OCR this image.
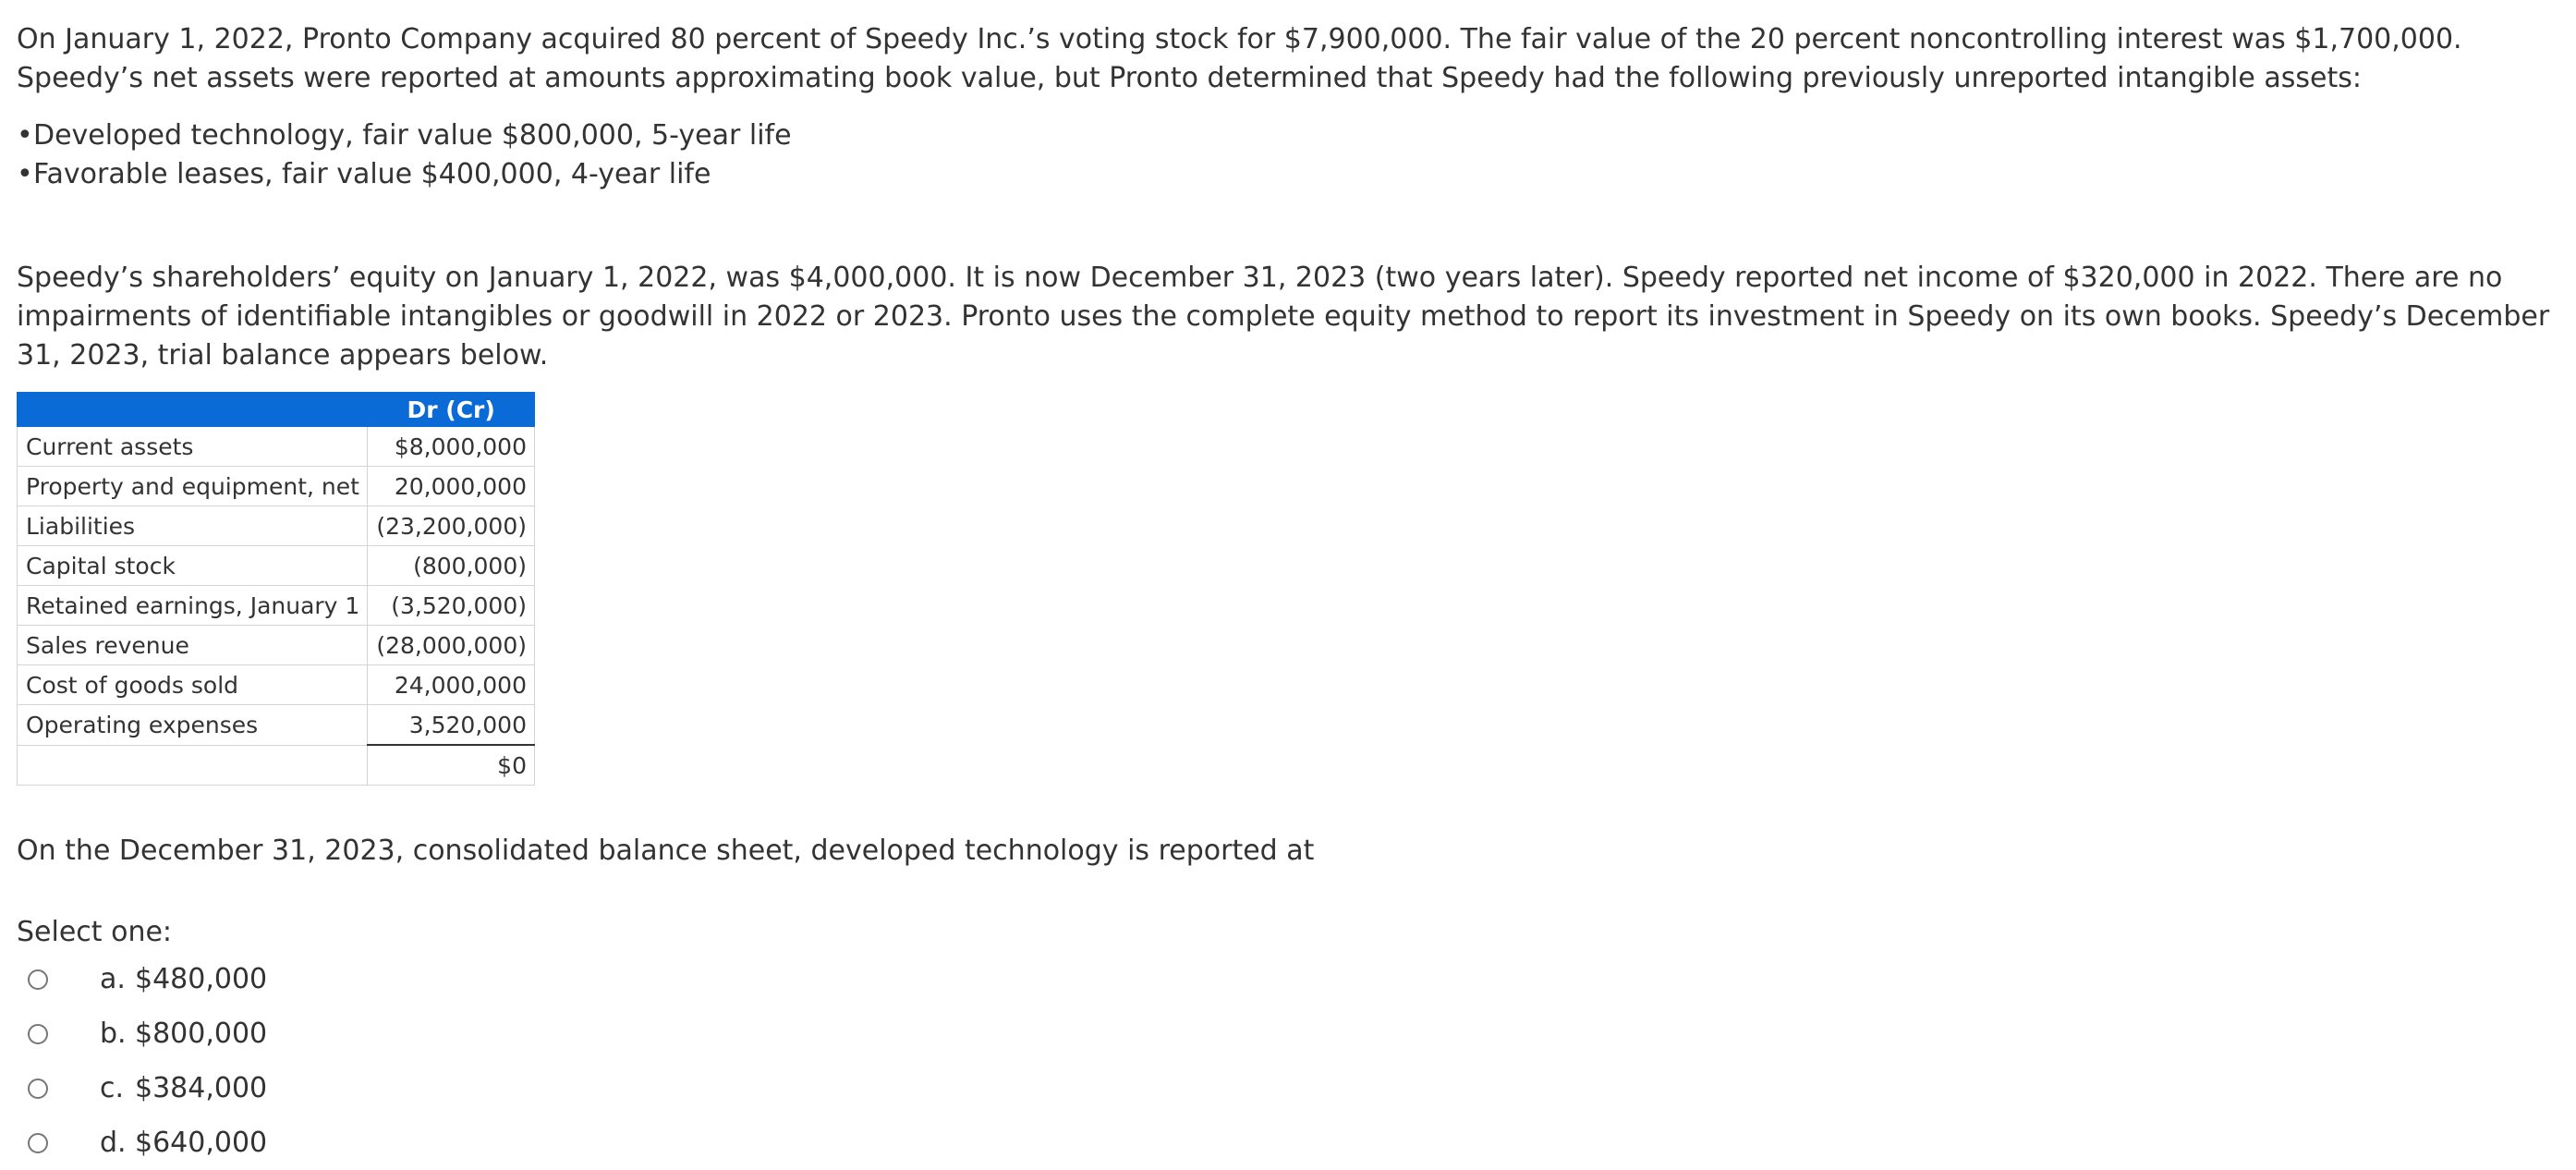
On January 1, 2022, Pronto Company acquired 80 percent of Speedy Inc.’s voting stock for $7,900,000. The fair value of the 20 percent noncontrolling interest was $1,700,000. Speedy’s net assets were reported at amounts approximating book value, but Pronto determined that Speedy had the following previously unreported intangible assets:

• Developed technology, fair value $800,000, 5-year life
• Favorable leases, fair value $400,000, 4-year life

Speedy’s shareholders’ equity on January 1, 2022, was $4,000,000. It is now December 31, 2023 (two years later). Speedy reported net income of $320,000 in 2022. There are no impairments of identifiable intangibles or goodwill in 2022 or 2023. Pronto uses the complete equity method to report its investment in Speedy on its own books. Speedy’s December 31, 2023, trial balance appears below.

	Dr (Cr)
Current assets	$8,000,000
Property and equipment, net	20,000,000
Liabilities	(23,200,000)
Capital stock	(800,000)
Retained earnings, January 1	(3,520,000)
Sales revenue	(28,000,000)
Cost of goods sold	24,000,000
Operating expenses	3,520,000
	$0

On the December 31, 2023, consolidated balance sheet, developed technology is reported at

Select one:

a. $480,000
b. $800,000
c. $384,000
d. $640,000
